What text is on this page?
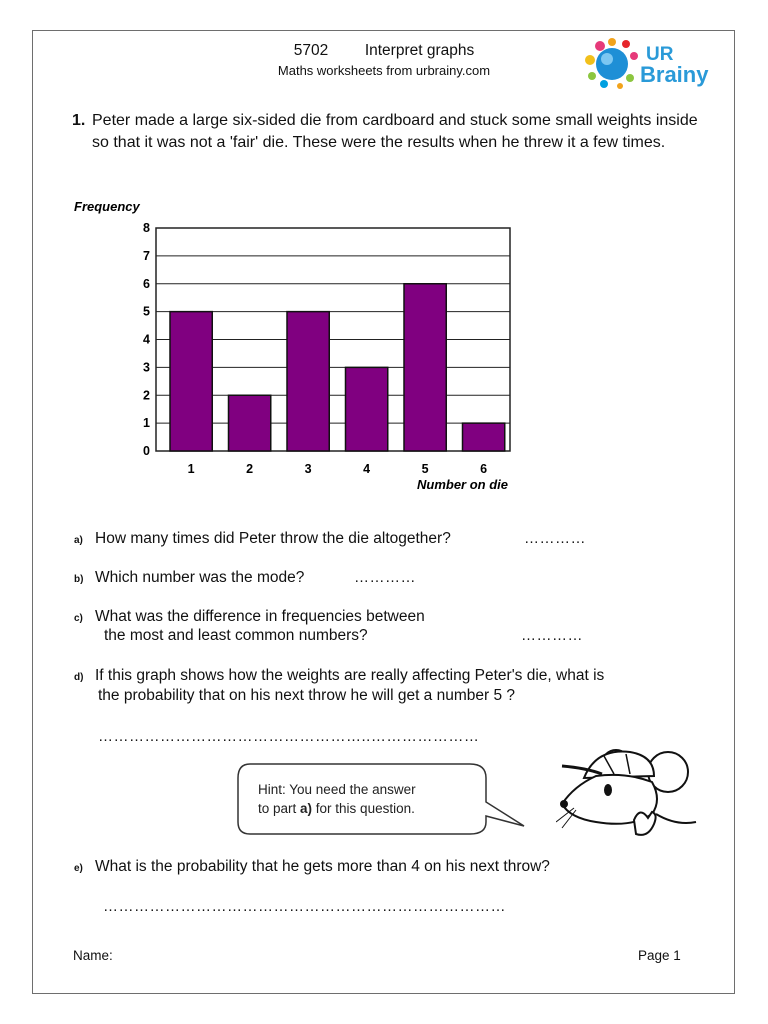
5702 Interpret graphs
Maths worksheets from urbrainy.com
UR
Brainy
1. Peter made a large six-sided die from cardboard and stuck some small weights inside so that it was not a 'fair' die. These were the results when he threw it a few times.
Frequency
0
1
2
3
4
5
6
7
8
1	2	3	4	5	6
Number on die
a) How many times did Peter throw the die altogether?	…………
b) Which number was the mode?	…………
c) What was the difference in frequencies between
the most and least common numbers?	…………
d) If this graph shows how the weights are really affecting Peter's die, what is
the probability that on his next throw he will get a number 5 ?
……………………………………………..…………………
Hint: You need the answer
to part a) for this question.
e) What is the probability that he gets more than 4 on his next throw?
……………………………………………………………………
Name:	Page 1
